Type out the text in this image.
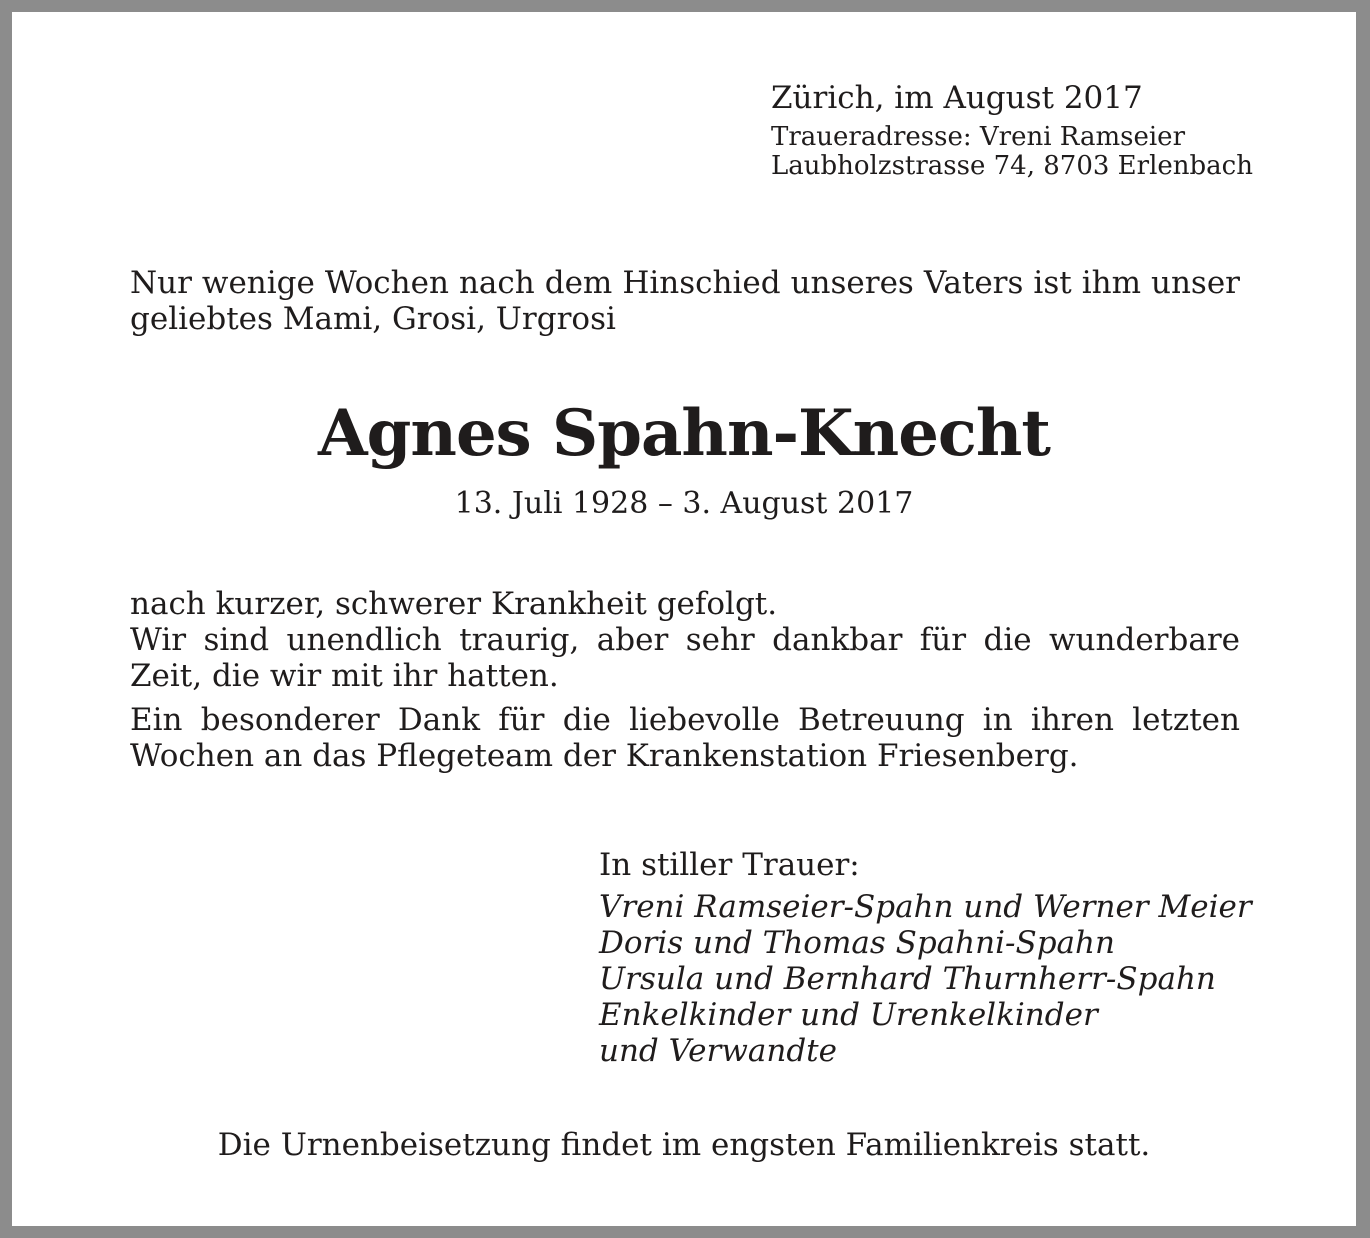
Zürich, im August 2017

Traueradresse: Vreni Ramseier
Laubholzstrasse 74, 8703 Erlenbach
Nur wenige Wochen nach dem Hinschied unseres Vaters ist ihm unser
geliebtes Mami, Grosi, Urgrosi
Agnes Spahn-Knecht

13. Juli 1928 – 3. August 2017

nach kurzer, schwerer Krankheit gefolgt.
Wir sind unendlich traurig, aber sehr dankbar für die wunderbare
Zeit, die wir mit ihr hatten.

Ein besonderer Dank für die liebevolle Betreuung in ihren letzten
Wochen an das Pflegeteam der Krankenstation Friesenberg.

In stiller Trauer:

Vreni Ramseier-Spahn und Werner Meier
Doris und Thomas Spahni-Spahn
Ursula und Bernhard Thurnherr-Spahn
Enkelkinder und Urenkelkinder
und Verwandte

Die Urnenbeisetzung findet im engsten Familienkreis statt.
